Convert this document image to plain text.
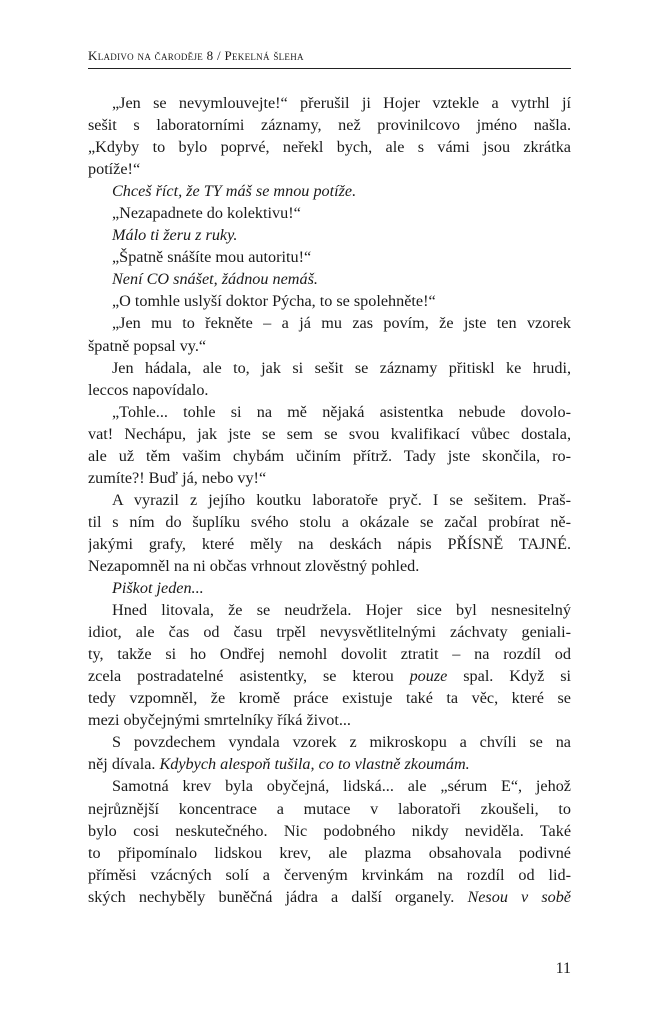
Kladivo na čaroděje 8 / Pekelná šleha

„Jen se nevymlouvejte!“ přerušil ji Hojer vztekle a vytrhl jí

sešit s laboratorními záznamy, než provinilcovo jméno našla.

„Kdyby to bylo poprvé, neřekl bych, ale s vámi jsou zkrátka

potíže!“

Chceš říct, že TY máš se mnou potíže.

„Nezapadnete do kolektivu!“

Málo ti žeru z ruky.

„Špatně snášíte mou autoritu!“

Není CO snášet, žádnou nemáš.

„O tomhle uslyší doktor Pýcha, to se spolehněte!“

„Jen mu to řekněte – a já mu zas povím, že jste ten vzorek

špatně popsal vy.“

Jen hádala, ale to, jak si sešit se záznamy přitiskl ke hrudi,

leccos napovídalo.

„Tohle... tohle si na mě nějaká asistentka nebude dovolo-

vat! Nechápu, jak jste se sem se svou kvalifikací vůbec dostala,

ale už těm vašim chybám učiním přítrž. Tady jste skončila, ro-

zumíte?! Buď já, nebo vy!“

A vyrazil z jejího koutku laboratoře pryč. I se sešitem. Praš-

til s ním do šuplíku svého stolu a okázale se začal probírat ně-

jakými grafy, které měly na deskách nápis PŘÍSNĚ TAJNÉ.

Nezapomněl na ni občas vrhnout zlověstný pohled.

Piškot jeden...

Hned litovala, že se neudržela. Hojer sice byl nesnesitelný

idiot, ale čas od času trpěl nevysvětlitelnými záchvaty geniali-

ty, takže si ho Ondřej nemohl dovolit ztratit – na rozdíl od

zcela postradatelné asistentky, se kterou pouze spal. Když si

tedy vzpomněl, že kromě práce existuje také ta věc, které se

mezi obyčejnými smrtelníky říká život...

S povzdechem vyndala vzorek z mikroskopu a chvíli se na

něj dívala. Kdybych alespoň tušila, co to vlastně zkoumám.

Samotná krev byla obyčejná, lidská... ale „sérum E“, jehož

nejrůznější koncentrace a mutace v laboratoři zkoušeli, to

bylo cosi neskutečného. Nic podobného nikdy neviděla. Také

to připomínalo lidskou krev, ale plazma obsahovala podivné

příměsi vzácných solí a červeným krvinkám na rozdíl od lid-

ských nechyběly buněčná jádra a další organely. Nesou v sobě

11
